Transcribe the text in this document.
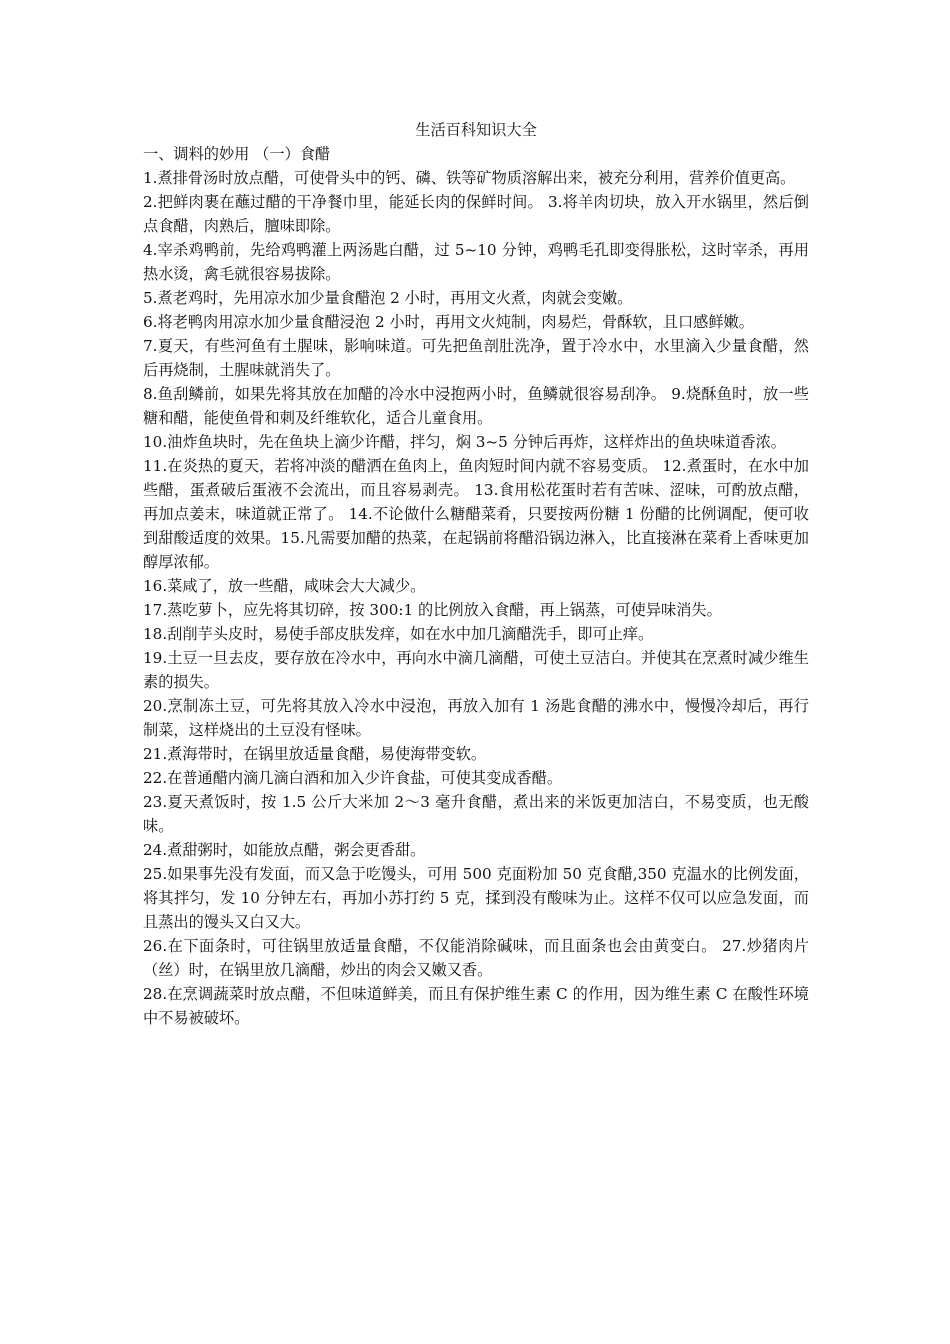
生活百科知识大全

一、调料的妙用 （一）食醋

1.煮排骨汤时放点醋，可使骨头中的钙、磷、铁等矿物质溶解出来，被充分利用，营养价值更高。

2.把鲜肉裹在蘸过醋的干净餐巾里，能延长肉的保鲜时间。 3.将羊肉切块，放入开水锅里，然后倒点食醋，肉熟后，膻味即除。

4.宰杀鸡鸭前，先给鸡鸭灌上两汤匙白醋，过 5~10 分钟，鸡鸭毛孔即变得胀松，这时宰杀，再用热水烫，禽毛就很容易拔除。

5.煮老鸡时，先用凉水加少量食醋泡 2 小时，再用文火煮，肉就会变嫩。

6.将老鸭肉用凉水加少量食醋浸泡 2 小时，再用文火炖制，肉易烂，骨酥软，且口感鲜嫩。

7.夏天，有些河鱼有土腥味，影响味道。可先把鱼剖肚洗净，置于冷水中，水里滴入少量食醋，然后再烧制，土腥味就消失了。

8.鱼刮鳞前，如果先将其放在加醋的冷水中浸抱两小时，鱼鳞就很容易刮净。 9.烧酥鱼时，放一些糖和醋，能使鱼骨和刺及纤维软化，适合儿童食用。

10.油炸鱼块时，先在鱼块上滴少许醋，拌匀，焖 3~5 分钟后再炸，这样炸出的鱼块味道香浓。

11.在炎热的夏天，若将冲淡的醋洒在鱼肉上，鱼肉短时间内就不容易变质。 12.煮蛋时，在水中加些醋，蛋煮破后蛋液不会流出，而且容易剥壳。 13.食用松花蛋时若有苦味、涩味，可酌放点醋，再加点姜末，味道就正常了。 14.不论做什么糖醋菜肴，只要按两份糖 1 份醋的比例调配，便可收到甜酸适度的效果。15.凡需要加醋的热菜，在起锅前将醋沿锅边淋入，比直接淋在菜肴上香味更加醇厚浓郁。

16.菜咸了，放一些醋，咸味会大大减少。

17.蒸吃萝卜，应先将其切碎，按 300:1 的比例放入食醋，再上锅蒸，可使异味消失。

18.刮削芋头皮时，易使手部皮肤发痒，如在水中加几滴醋洗手，即可止痒。

19.土豆一旦去皮，要存放在冷水中，再向水中滴几滴醋，可使土豆洁白。并使其在烹煮时减少维生素的损失。

20.烹制冻土豆，可先将其放入冷水中浸泡，再放入加有 1 汤匙食醋的沸水中，慢慢冷却后，再行制菜，这样烧出的土豆没有怪味。

21.煮海带时，在锅里放适量食醋，易使海带变软。

22.在普通醋内滴几滴白酒和加入少许食盐，可使其变成香醋。

23.夏天煮饭时，按 1.5 公斤大米加 2～3 毫升食醋，煮出来的米饭更加洁白，不易变质，也无酸味。

24.煮甜粥时，如能放点醋，粥会更香甜。

25.如果事先没有发面，而又急于吃馒头，可用 500 克面粉加 50 克食醋,350 克温水的比例发面，将其拌匀，发 10 分钟左右，再加小苏打约 5 克，揉到没有酸味为止。这样不仅可以应急发面，而且蒸出的馒头又白又大。

26.在下面条时，可往锅里放适量食醋，不仅能消除碱味，而且面条也会由黄变白。 27.炒猪肉片（丝）时，在锅里放几滴醋，炒出的肉会又嫩又香。

28.在烹调蔬菜时放点醋，不但味道鲜美，而且有保护维生素 C 的作用，因为维生素 C 在酸性环境中不易被破坏。
